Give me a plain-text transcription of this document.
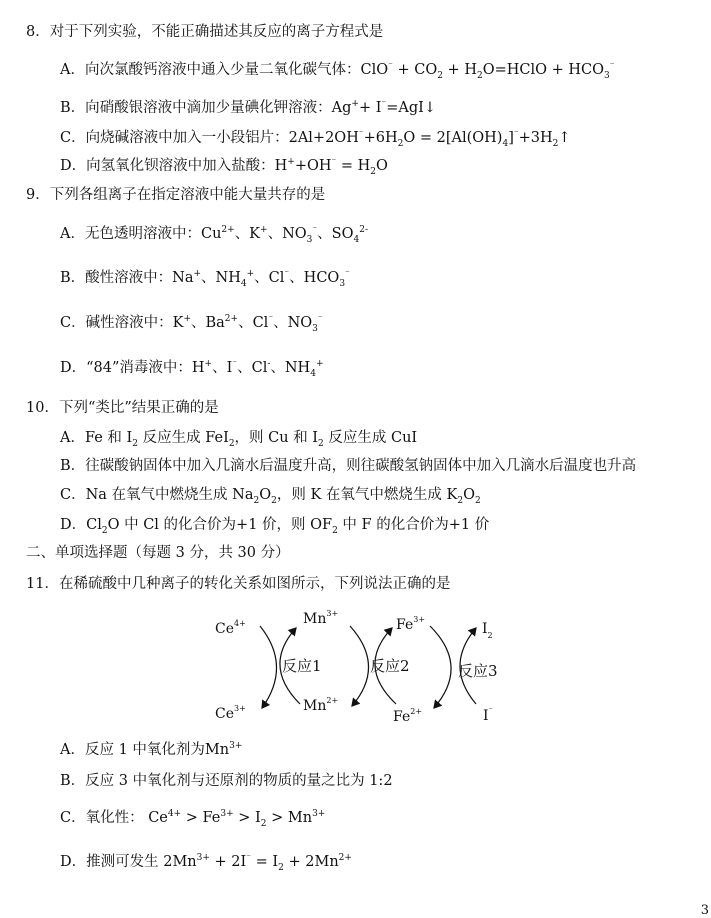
8．对于下列实验，不能正确描述其反应的离子方程式是
A．向次氯酸钙溶液中通入少量二氧化碳气体：$ClO^{^-} + CO_2$ + $H_2O=HClO + HCO_3^{^-}$
B．向硝酸银溶液中滴加少量碘化钾溶液：Ag++ I⁻=AgI↓
C．向烧碱溶液中加入一小段铝片：$2Al+2OH^{^-}+6H_2O$ = $2[Al(OH)_4]^{^-}+3H_2↑$
D．向氢氧化钡溶液中加入盐酸：$H^++OH^{^-} = H_2O$
9．下列各组离子在指定溶液中能大量共存的是
A．无色透明溶液中：$Cu^{2+}$、K+、$NO_3^{^-}$、$SO_4^{2-}$
B．酸性溶液中：Na+、$NH_4^+$、Cl⁻、$HCO_3^{^-}$
C．碱性溶液中：K+、$Ba^{2+}$、Cl⁻、$NO_3^{^-}$
D．“84”消毒液中：H+、I⁻、Cl-、$NH_4^+$
10．下列“类比”结果正确的是
A．Fe 和 $I_2$ 反应生成 FeI$_2$，则 Cu 和 $I_2$ 反应生成 CuI
B．往碳酸钠固体中加入几滴水后温度升高，则往碳酸氢钠固体中加入几滴水后温度也升高
C．Na 在氧气中燃烧生成 $Na_2O_2$，则 K 在氧气中燃烧生成 $K_2O_2$
D．$Cl_2O$ 中 Cl 的化合价为+1 价，则 $OF_2$ 中 F 的化合价为+1 价
二、单项选择题（每题 3 分，共 30 分）
11．在稀硫酸中几种离子的转化关系如图所示，下列说法正确的是
$Ce^{4+}$
$Ce^{3+}$
$Mn^{3+}$
$Mn^{2+}$
$Fe^{3+}$
$Fe^{2+}$
$I_2$
I⁻
反应1	反应2	反应3
A．反应 1 中氧化剂为$Mn^{3+}$
B．反应 3 中氧化剂与还原剂的物质的量之比为 1:2
C．氧化性： $Ce^{4+} > Fe^{3+} > I_2 > Mn^{3+}$
D．推测可发生 $2Mn^{3+} + 2I^{^-} = I_2 + 2Mn^{2+}$
3
